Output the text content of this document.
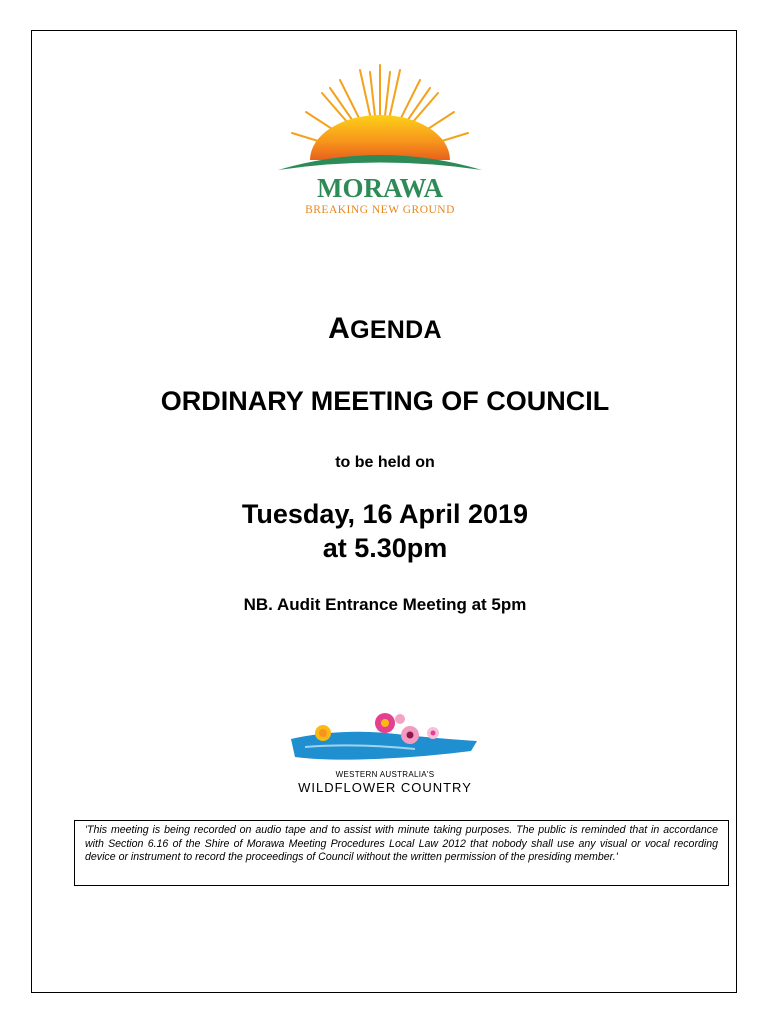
MORAWA
BREAKING NEW GROUND
AGENDA
ORDINARY MEETING OF COUNCIL
to be held on
Tuesday, 16 April 2019
at 5.30pm
NB. Audit Entrance Meeting at 5pm
WESTERN AUSTRALIA'S
WILDFLOWER COUNTRY
'This meeting is being recorded on audio tape and to assist with minute taking purposes. The public is reminded that in accordance with Section 6.16 of the Shire of Morawa Meeting Procedures Local Law 2012 that nobody shall use any visual or vocal recording device or instrument to record the proceedings of Council without the written permission of the presiding member.'
